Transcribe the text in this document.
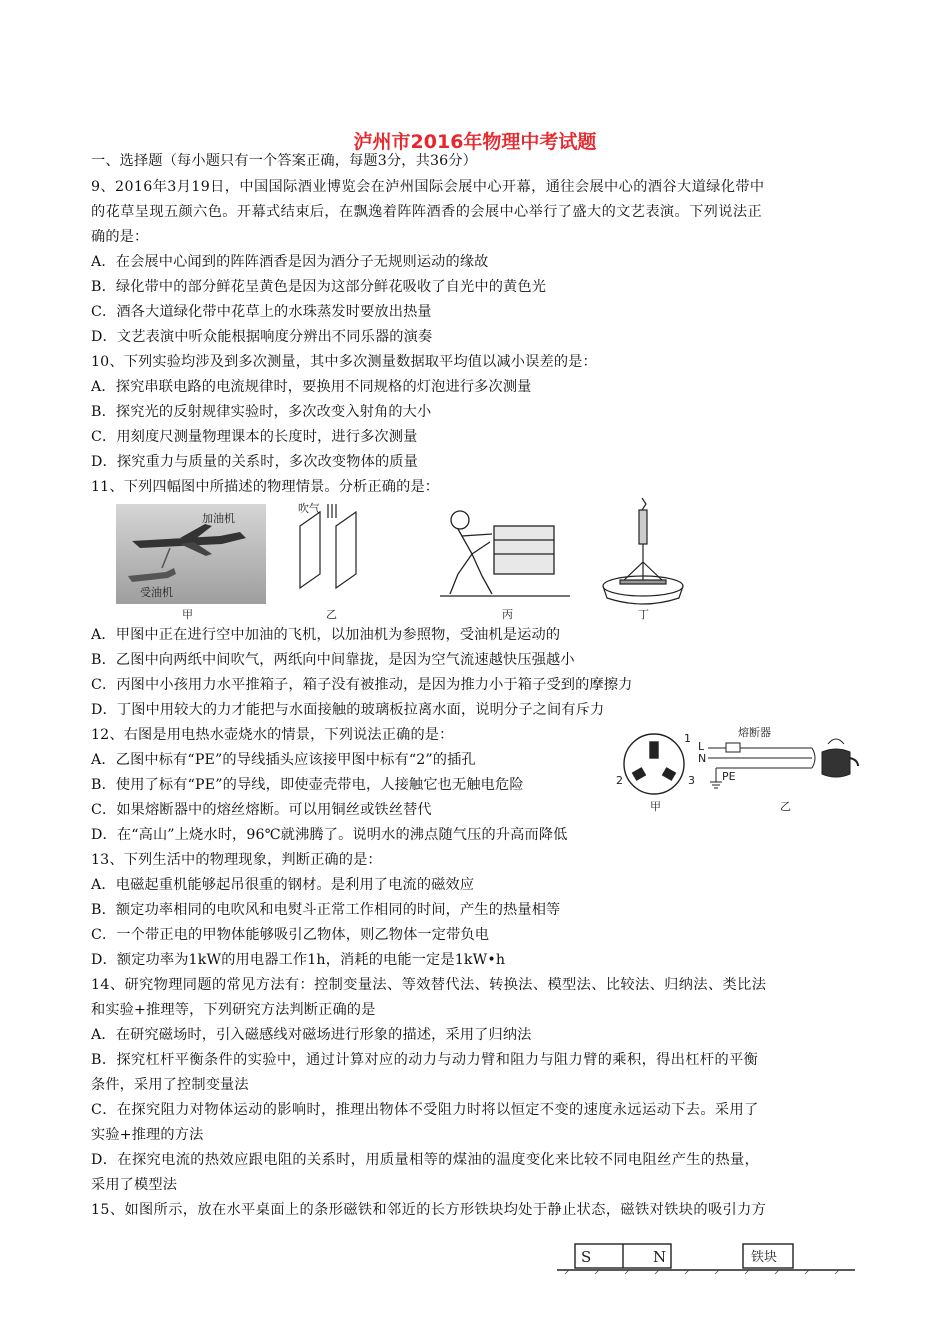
泸州市2016年物理中考试题
一、选择题（每小题只有一个答案正确，每题3分，共36分）
9、2016年3月19日，中国国际酒业博览会在泸州国际会展中心开幕，通往会展中心的酒谷大道绿化带中
的花草呈现五颜六色。开幕式结束后，在飘逸着阵阵酒香的会展中心举行了盛大的文艺表演。下列说法正
确的是：
A．在会展中心闻到的阵阵酒香是因为酒分子无规则运动的缘故
B．绿化带中的部分鲜花呈黄色是因为这部分鲜花吸收了自光中的黄色光
C．酒各大道绿化带中花草上的水珠蒸发时要放出热量
D．文艺表演中听众能根据响度分辨出不同乐器的演奏
10、下列实验均涉及到多次测量，其中多次测量数据取平均值以减小误差的是：
A．探究串联电路的电流规律时，要换用不同规格的灯泡进行多次测量
B．探究光的反射规律实验时，多次改变入射角的大小
C．用刻度尺测量物理课本的长度时，进行多次测量
D．探究重力与质量的关系时，多次改变物体的质量
11、下列四幅图中所描述的物理情景。分析正确的是：
加油机
受油机
甲
吹气
乙	丙	丁
A．甲图中正在进行空中加油的飞机，以加油机为参照物，受油机是运动的
B．乙图中向两纸中间吹气，两纸向中间靠拢，是因为空气流速越快压强越小
C．丙图中小孩用力水平推箱子，箱子没有被推动，是因为推力小于箱子受到的摩擦力
D．丁图中用较大的力才能把与水面接触的玻璃板拉离水面，说明分子之间有斥力
12、右图是用电热水壶烧水的情景，下列说法正确的是：
A．乙图中标有“PE”的导线插头应该接甲图中标有“2”的插孔
B．使用了标有“PE”的导线，即使壶壳带电，人接触它也无触电危险
C．如果熔断器中的熔丝熔断。可以用铜丝或铁丝替代
D．在“高山”上烧水时，96℃就沸腾了。说明水的沸点随气压的升高而降低
1
2	3
甲
L
N
PE
熔断器
乙
13、下列生活中的物理现象，判断正确的是：
A．电磁起重机能够起吊很重的钢材。是利用了电流的磁效应
B．额定功率相同的电吹风和电熨斗正常工作相同的时间，产生的热量相等
C．一个带正电的甲物体能够吸引乙物体，则乙物体一定带负电
D．额定功率为1kW的用电器工作1h，消耗的电能一定是1kW•h
14、研究物理同题的常见方法有：控制变量法、等效替代法、转换法、模型法、比较法、归纳法、类比法
和实验+推理等，下列研究方法判断正确的是
A．在研究磁场时，引入磁感线对磁场进行形象的描述，采用了归纳法
B．探究杠杆平衡条件的实验中，通过计算对应的动力与动力臂和阻力与阻力臂的乘积，得出杠杆的平衡
条件，采用了控制变量法
C．在探究阻力对物体运动的影响时，推理出物体不受阻力时将以恒定不变的速度永远运动下去。采用了
实验+推理的方法
D．在探究电流的热效应跟电阻的关系时，用质量相等的煤油的温度变化来比较不同电阻丝产生的热量，
采用了模型法
15、如图所示，放在水平桌面上的条形磁铁和邻近的长方形铁块均处于静止状态，磁铁对铁块的吸引力方
S	N	铁块
